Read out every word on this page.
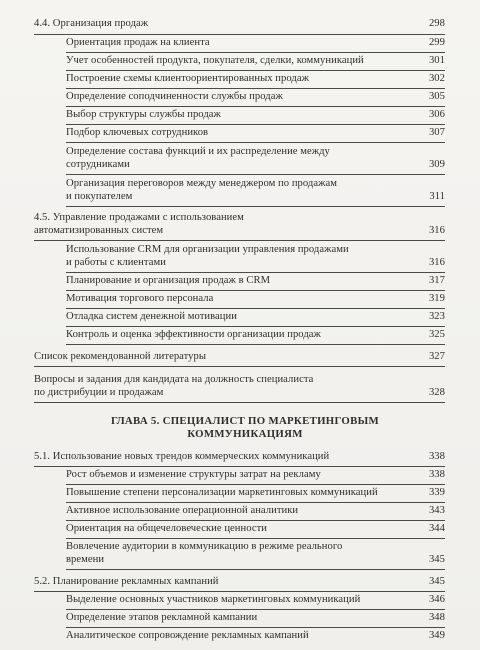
4.4. Организация продаж	298
Ориентация продаж на клиента	299
Учет особенностей продукта, покупателя, сделки, коммуникаций	301
Построение схемы клиентоориентированных продаж	302
Определение соподчиненности службы продаж	305
Выбор структуры службы продаж	306
Подбор ключевых сотрудников	307
Определение состава функций и их распределение между
сотрудниками	309
Организация переговоров между менеджером по продажам
и покупателем	311
4.5. Управление продажами с использованием
автоматизированных систем	316
Использование CRM для организации управления продажами
и работы с клиентами	316
Планирование и организация продаж в CRM	317
Мотивация торгового персонала	319
Отладка систем денежной мотивации	323
Контроль и оценка эффективности организации продаж	325
Список рекомендованной литературы	327
Вопросы и задания для кандидата на должность специалиста
по дистрибуции и продажам	328
ГЛАВА 5. СПЕЦИАЛИСТ ПО МАРКЕТИНГОВЫМ
КОММУНИКАЦИЯМ
5.1. Использование новых трендов коммерческих коммуникаций	338
Рост объемов и изменение структуры затрат на рекламу	338
Повышение степени персонализации маркетинговых коммуникаций	339
Активное использование операционной аналитики	343
Ориентация на общечеловеческие ценности	344
Вовлечение аудитории в коммуникацию в режиме реального
времени	345
5.2. Планирование рекламных кампаний	345
Выделение основных участников маркетинговых коммуникаций	346
Определение этапов рекламной кампании	348
Аналитическое сопровождение рекламных кампаний	349
